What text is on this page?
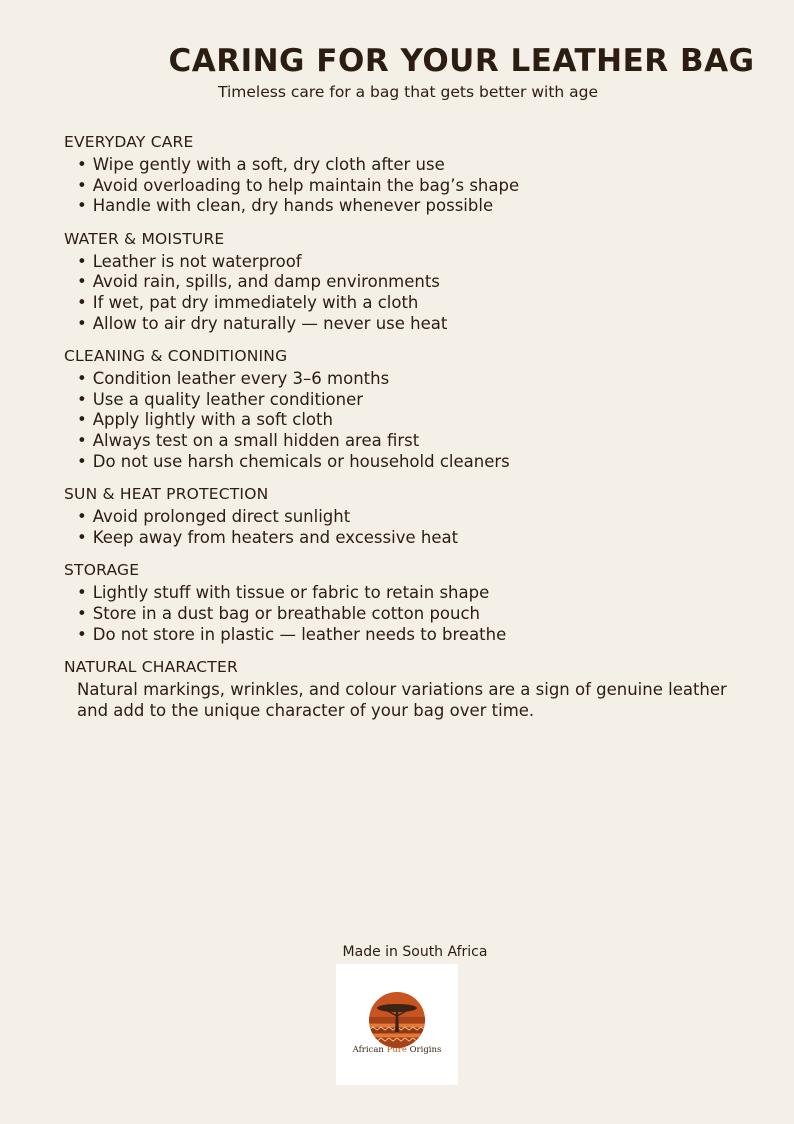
CARING FOR YOUR LEATHER BAG

Timeless care for a bag that gets better with age

EVERYDAY CARE
• Wipe gently with a soft, dry cloth after use
• Avoid overloading to help maintain the bag’s shape
• Handle with clean, dry hands whenever possible
WATER & MOISTURE
• Leather is not waterproof
• Avoid rain, spills, and damp environments
• If wet, pat dry immediately with a cloth
• Allow to air dry naturally — never use heat
CLEANING & CONDITIONING
• Condition leather every 3–6 months
• Use a quality leather conditioner
• Apply lightly with a soft cloth
• Always test on a small hidden area first
• Do not use harsh chemicals or household cleaners
SUN & HEAT PROTECTION
• Avoid prolonged direct sunlight
• Keep away from heaters and excessive heat
STORAGE
• Lightly stuff with tissue or fabric to retain shape
• Store in a dust bag or breathable cotton pouch
• Do not store in plastic — leather needs to breathe
NATURAL CHARACTER

Natural markings, wrinkles, and colour variations are a sign of genuine leather
and add to the unique character of your bag over time.

Made in South Africa
African Pure Origins
